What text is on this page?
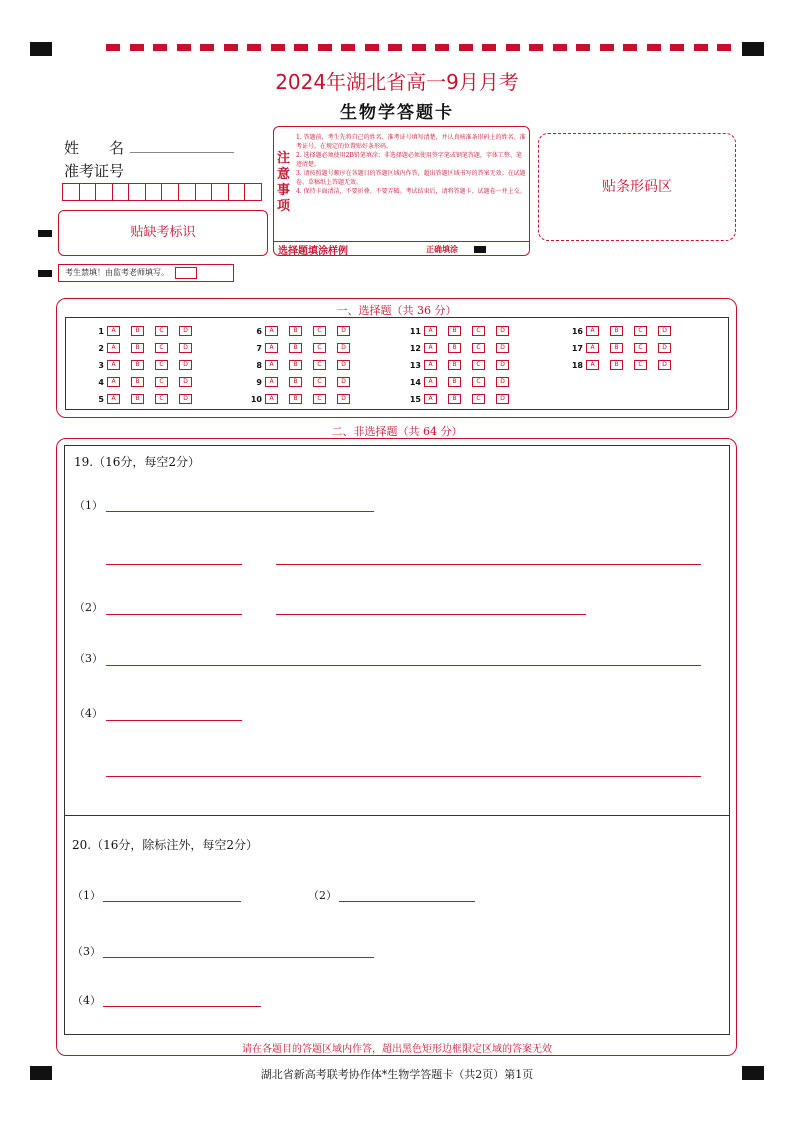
2024年湖北省高一9月月考
生物学答题卡
姓　　名
准考证号
贴缺考标识
考生禁填！由监考老师填写。
注
意
事
项
1. 答题前，考生先将自己的姓名、准考证号填写清楚，并认真核准条形码上的姓名、准考证号，在规定的位置贴好条形码。
2. 选择题必须使用2B铅笔填涂；非选择题必须使用签字笔或钢笔答题，字体工整、笔迹清楚。
3. 请按照题号顺序在各题目的答题区域内作答，超出答题区域书写的答案无效；在试题卷、草稿纸上答题无效。
4. 保持卡面清洁，不要折叠、不要弄破。考试结束后，请将答题卡、试题卷一并上交。
选择题填涂样例	正确填涂
贴条形码区
一、选择题（共 36 分）
1	A	B	C	D
2	A	B	C	D
3	A	B	C	D
4	A	B	C	D
5	A	B	C	D
6	A	B	C	D
7	A	B	C	D
8	A	B	C	D
9	A	B	C	D
10	A	B	C	D
11	A	B	C	D
12	A	B	C	D
13	A	B	C	D
14	A	B	C	D
15	A	B	C	D
16	A	B	C	D
17	A	B	C	D
18	A	B	C	D
二、非选择题（共 64 分）
19.（16分，每空2分）
（1）
（2）
（3）
（4）
20.（16分，除标注外，每空2分）
（1）	（2）
（3）
（4）
请在各题目的答题区域内作答，超出黑色矩形边框限定区域的答案无效
湖北省新高考联考协作体*生物学答题卡（共2页）第1页
